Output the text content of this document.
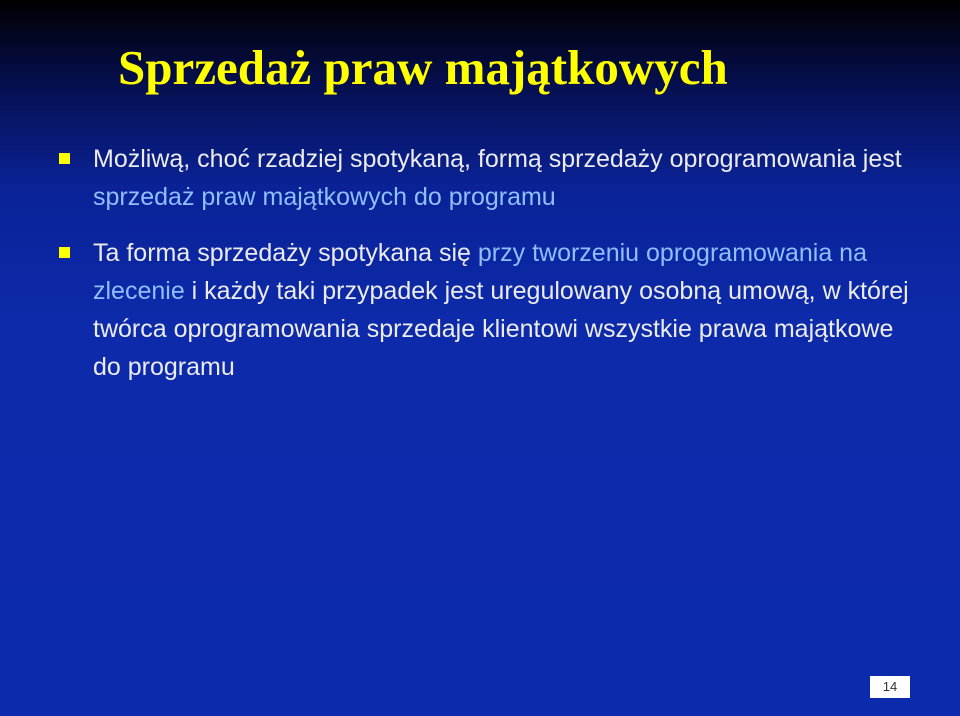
Sprzedaż praw majątkowych
Możliwą, choć rzadziej spotykaną, formą sprzedaży oprogramowania jest sprzedaż praw majątkowych do programu
Ta forma sprzedaży spotykana się przy tworzeniu oprogramowania na zlecenie i każdy taki przypadek jest uregulowany osobną umową, w której twórca oprogramowania sprzedaje klientowi wszystkie prawa majątkowe do programu
14
